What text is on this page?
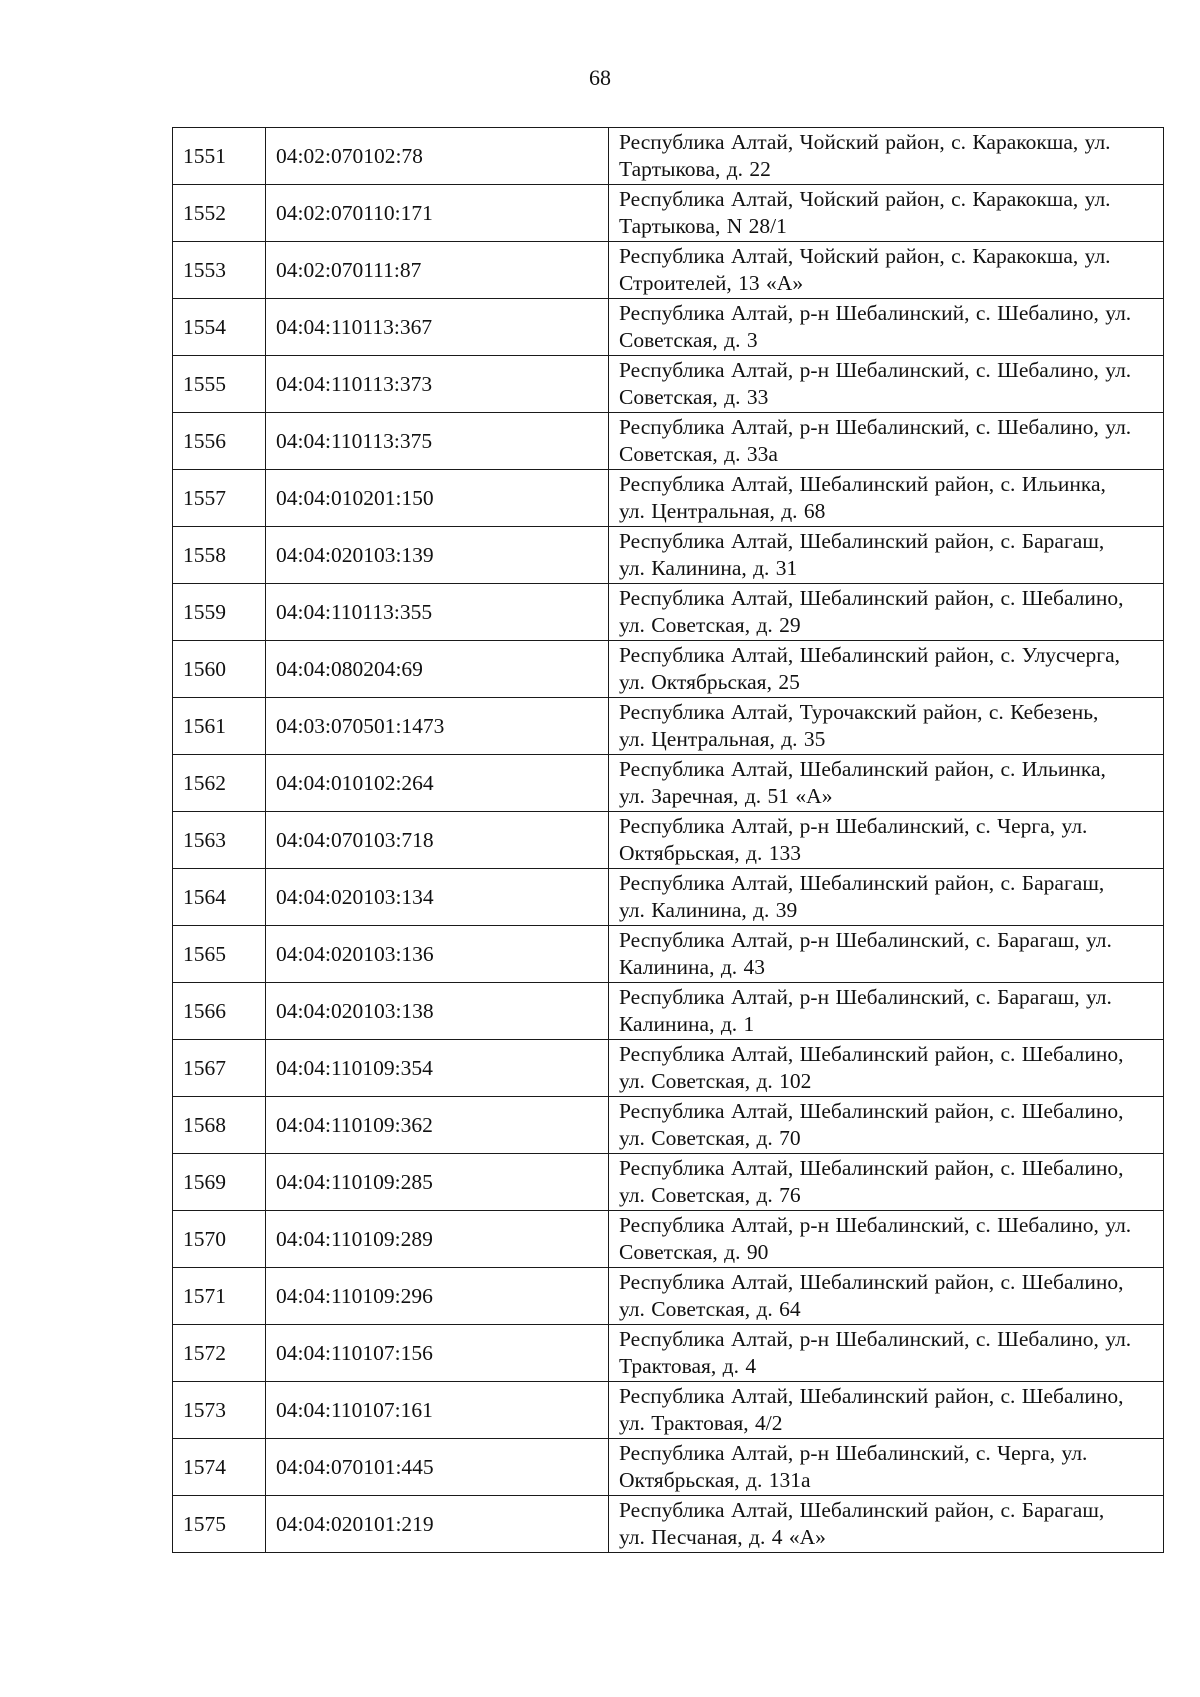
68
1551	04:02:070102:78	Республика Алтай, Чойский район, с. Каракокша, ул.
Тартыкова, д. 22

1552	04:02:070110:171	Республика Алтай, Чойский район, с. Каракокша, ул.
Тартыкова, N 28/1

1553	04:02:070111:87	Республика Алтай, Чойский район, с. Каракокша, ул.
Строителей, 13 «А»

1554	04:04:110113:367	Республика Алтай, р-н Шебалинский, с. Шебалино, ул.
Советская, д. 3

1555	04:04:110113:373	Республика Алтай, р-н Шебалинский, с. Шебалино, ул.
Советская, д. 33

1556	04:04:110113:375	Республика Алтай, р-н Шебалинский, с. Шебалино, ул.
Советская, д. 33а

1557	04:04:010201:150	Республика Алтай, Шебалинский район, с. Ильинка,
ул. Центральная, д. 68

1558	04:04:020103:139	Республика Алтай, Шебалинский район, с. Барагаш,
ул. Калинина, д. 31

1559	04:04:110113:355	Республика Алтай, Шебалинский район, с. Шебалино,
ул. Советская, д. 29

1560	04:04:080204:69	Республика Алтай, Шебалинский район, с. Улусчерга,
ул. Октябрьская, 25

1561	04:03:070501:1473	Республика Алтай, Турочакский район, с. Кебезень,
ул. Центральная, д. 35

1562	04:04:010102:264	Республика Алтай, Шебалинский район, с. Ильинка,
ул. Заречная, д. 51 «А»

1563	04:04:070103:718	Республика Алтай, р-н Шебалинский, с. Черга, ул.
Октябрьская, д. 133

1564	04:04:020103:134	Республика Алтай, Шебалинский район, с. Барагаш,
ул. Калинина, д. 39

1565	04:04:020103:136	Республика Алтай, р-н Шебалинский, с. Барагаш, ул.
Калинина, д. 43

1566	04:04:020103:138	Республика Алтай, р-н Шебалинский, с. Барагаш, ул.
Калинина, д. 1

1567	04:04:110109:354	Республика Алтай, Шебалинский район, с. Шебалино,
ул. Советская, д. 102

1568	04:04:110109:362	Республика Алтай, Шебалинский район, с. Шебалино,
ул. Советская, д. 70

1569	04:04:110109:285	Республика Алтай, Шебалинский район, с. Шебалино,
ул. Советская, д. 76

1570	04:04:110109:289	Республика Алтай, р-н Шебалинский, с. Шебалино, ул.
Советская, д. 90

1571	04:04:110109:296	Республика Алтай, Шебалинский район, с. Шебалино,
ул. Советская, д. 64

1572	04:04:110107:156	Республика Алтай, р-н Шебалинский, с. Шебалино, ул.
Трактовая, д. 4

1573	04:04:110107:161	Республика Алтай, Шебалинский район, с. Шебалино,
ул. Трактовая, 4/2

1574	04:04:070101:445	Республика Алтай, р-н Шебалинский, с. Черга, ул.
Октябрьская, д. 131а

1575	04:04:020101:219	Республика Алтай, Шебалинский район, с. Барагаш,
ул. Песчаная, д. 4 «А»
